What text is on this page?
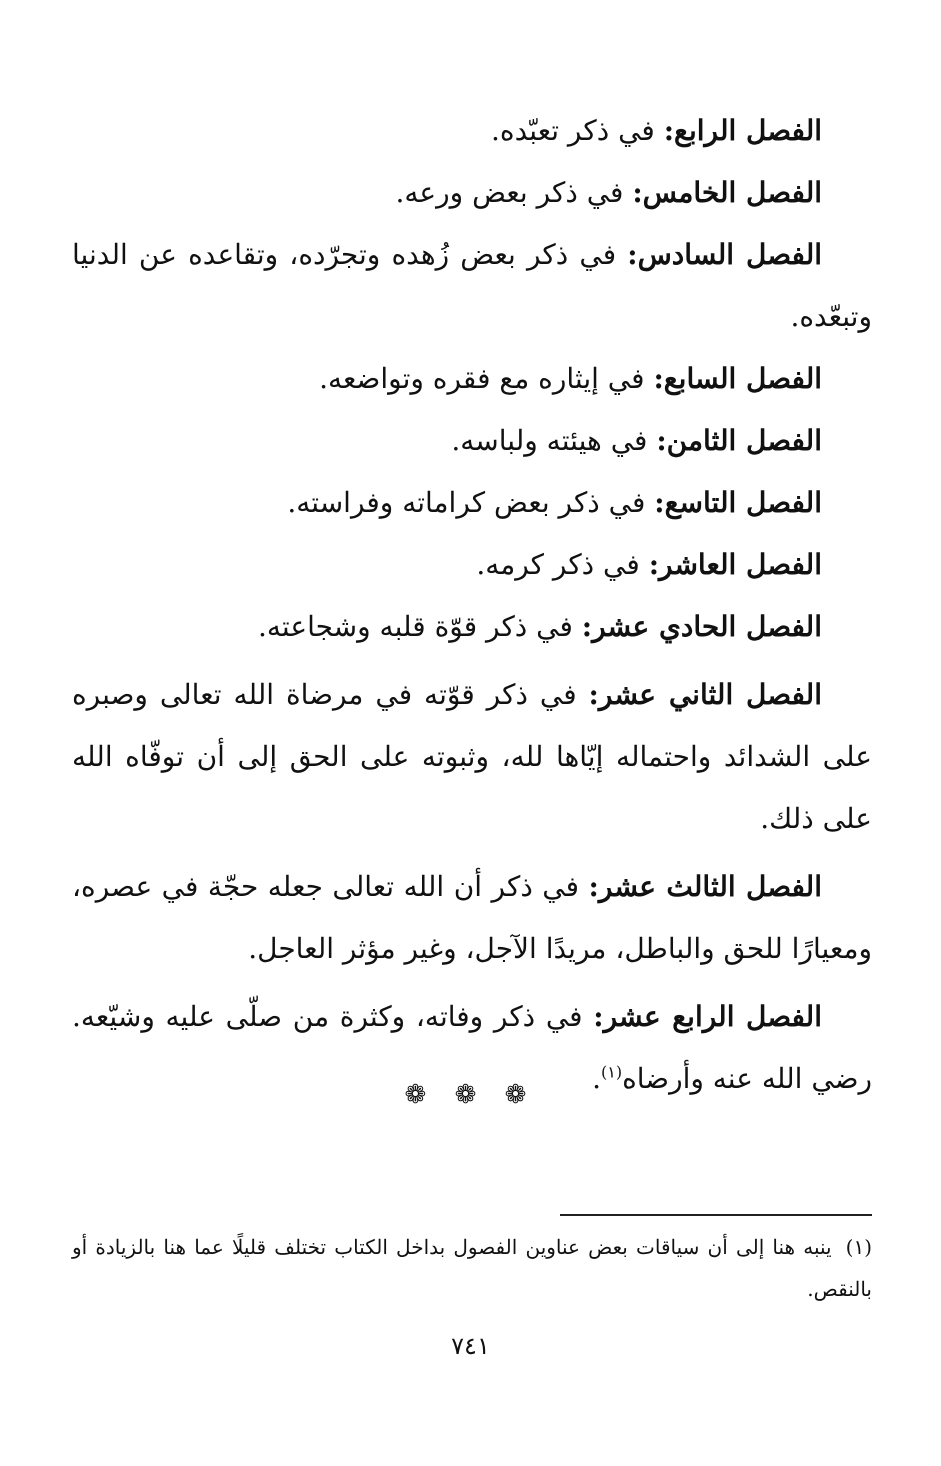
الفصل الرابع: في ذكر تعبّده.

الفصل الخامس: في ذكر بعض ورعه.

الفصل السادس: في ذكر بعض زُهده وتجرّده، وتقاعده عن الدنيا وتبعّده.

الفصل السابع: في إيثاره مع فقره وتواضعه.

الفصل الثامن: في هيئته ولباسه.

الفصل التاسع: في ذكر بعض كراماته وفراسته.

الفصل العاشر: في ذكر كرمه.

الفصل الحادي عشر: في ذكر قوّة قلبه وشجاعته.

الفصل الثاني عشر: في ذكر قوّته في مرضاة الله تعالى وصبره على الشدائد واحتماله إيّاها لله، وثبوته على الحق إلى أن توفّاه الله على ذلك.

الفصل الثالث عشر: في ذكر أن الله تعالى جعله حجّة في عصره، ومعيارًا للحق والباطل، مريدًا الآجل، وغير مؤثر العاجل.

الفصل الرابع عشر: في ذكر وفاته، وكثرة من صلّى عليه وشيّعه. رضي الله عنه وأرضاه$^{(١)}$.

❁ ❁ ❁
(١)ينبه هنا إلى أن سياقات بعض عناوين الفصول بداخل الكتاب تختلف قليلًا عما هنا بالزيادة أو بالنقص.
٧٤١
